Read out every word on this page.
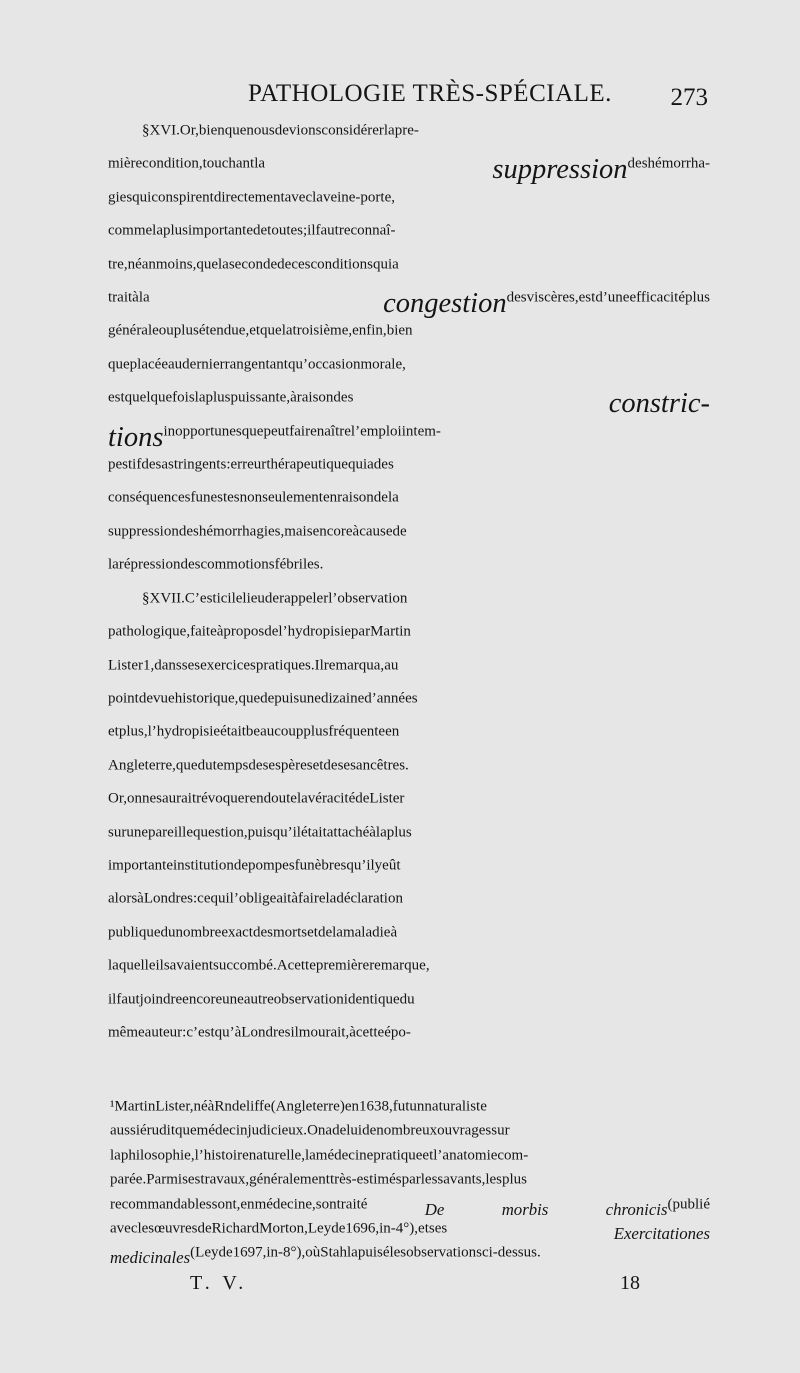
PATHOLOGIE TRÈS-SPÉCIALE. 273
$^{\S XVI.Or,bienquenousdevionsconsidérerlapre-}$
$^{mièrecondition,touchantla}$	suppression$^{deshémorrha-}$
$^{giesquiconspirentdirectementaveclaveine-porte,}$
$^{commelaplusimportantedetoutes;ilfautreconnaî-}$
$^{tre,néanmoins,quelasecondedecesconditionsquia}$
$^{traitàla}$	congestion$^{desviscères,estd’uneefficacitéplus}$
$^{généraleouplusétendue,etquelatroisième,enfin,bien}$
$^{queplacéeaudernierrangentantqu’occasionmorale,}$
$^{estquelquefoislapluspuissante,àraisondes}$	constric-
tions$^{inopportunesquepeutfairenaîtrel’emploiintem-}$
$^{pestifdesastringents:erreurthérapeutiquequiades}$
$^{conséquencesfunestesnonseulementenraisondela}$
$^{suppressiondeshémorrhagies,maisencoreàcausede}$
$^{larépressiondescommotionsfébriles.}$
$^{\S XVII.C’esticilelieuderappelerl’observation}$
$^{pathologique,faiteàproposdel’hydropisieparMartin}$
$^{Lister1,danssesexercicespratiques.Ilremarqua,au}$
$^{pointdevuehistorique,quedepuisunedizained’années}$
$^{etplus,l’hydropisieétaitbeaucoupplusfréquenteen}$
$^{Angleterre,quedutempsdesespèresetdesesancêtres.}$
$^{Or,onnesauraitrévoquerendoutelavéracitédeLister}$
$^{surunepareillequestion,puisqu’ilétaitattachéàlaplus}$
$^{importanteinstitutiondepompesfunèbresqu’ilyeût}$
$^{alorsàLondres:cequil’obligeaitàfaireladéclaration}$
$^{publiquedunombreexactdesmortsetdelamaladieà}$
$^{laquelleilsavaientsuccombé.Acettepremièreremarque,}$
$^{ilfautjoindreencoreuneautreobservationidentiquedu}$
$^{mêmeauteur:c’estqu’àLondresilmourait,àcetteépo-}$
$^{^1MartinLister,néàRndeliffe(Angleterre)en1638,futunnaturaliste}$
$^{aussiéruditquemédecinjudicieux.Onadeluidenombreuxouvragessur}$
$^{laphilosophie,l’histoirenaturelle,lamédecinepratiqueetl’anatomiecom-}$
$^{parée.Parmisestravaux,généralementtrès-estimésparlessavants,lesplus}$
$^{recommandablessont,enmédecine,sontraité}$	De	morbis	chronicis$^{(publié}$
$^{aveclesœuvresdeRichardMorton,Leyde1696,in-4^\circ),etses}$	Exercitationes
medicinales$^{(Leyde1697,in-8^\circ),oùStahlapuisélesobservationsci-dessus.}$
T. V.	18
